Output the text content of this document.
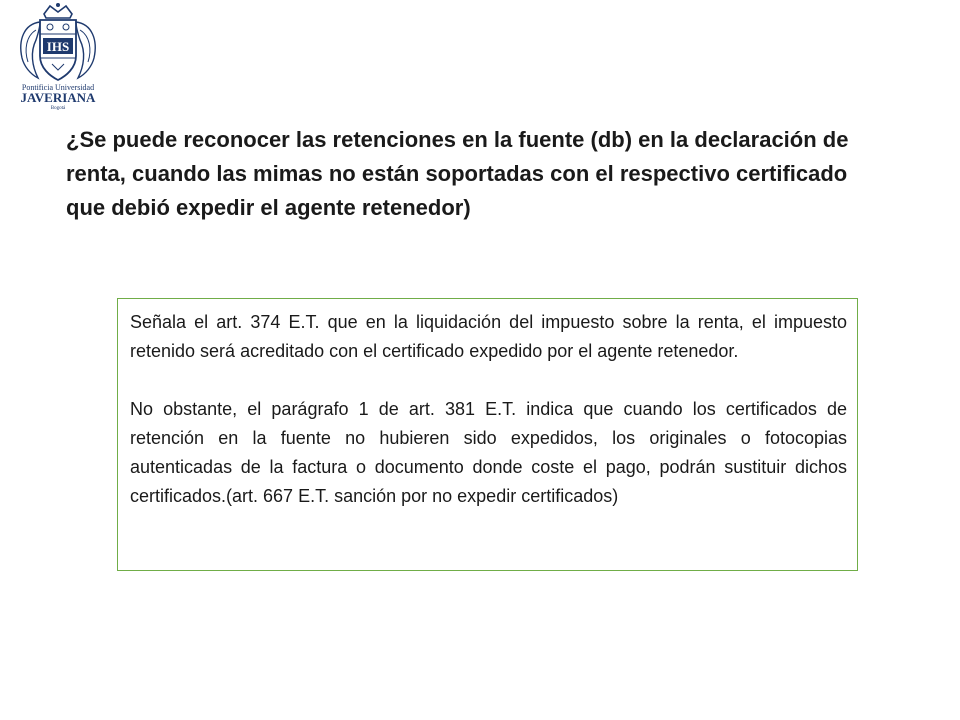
IHS
Pontificia Universidad
JAVERIANA
Bogotá
¿Se puede reconocer las retenciones en la fuente (db) en la declaración de renta, cuando las mimas no están soportadas con el respectivo certificado que debió expedir el agente retenedor)

Señala el art. 374 E.T. que en la liquidación del impuesto sobre la renta, el impuesto retenido será acreditado con el certificado expedido por el agente retenedor.

No obstante, el parágrafo 1 de art. 381 E.T. indica que cuando los certificados de retención en la fuente no hubieren sido expedidos, los originales o fotocopias autenticadas de la factura o documento donde coste el pago, podrán sustituir dichos certificados.(art. 667 E.T. sanción por no expedir certificados)
